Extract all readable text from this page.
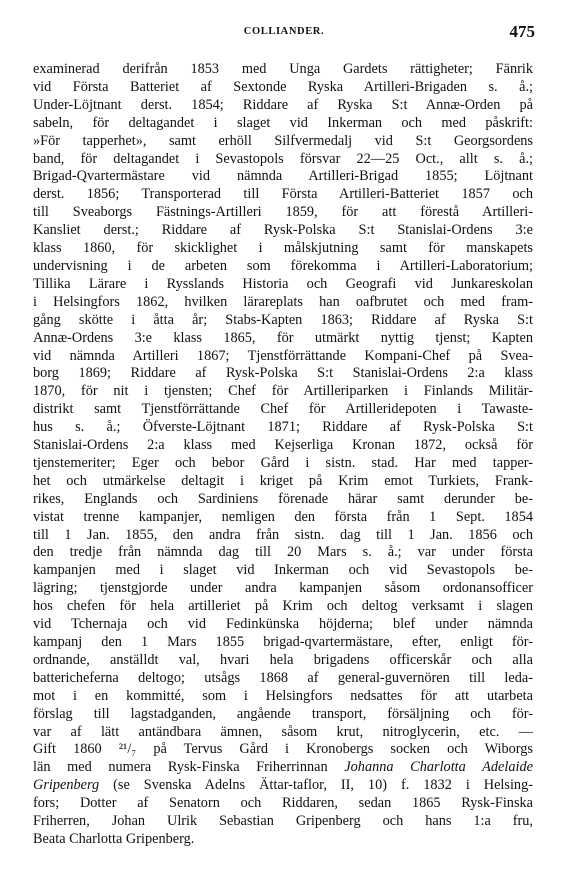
COLLIANDER.	475
examinerad derifrån 1853 med Unga Gardets rättigheter; Fänrik
vid Första Batteriet af Sextonde Ryska Artilleri-Brigaden s. å.;
Under-Löjtnant derst. 1854; Riddare af Ryska S:t Annæ-Orden på
sabeln, för deltagandet i slaget vid Inkerman och med påskrift:
»För tapperhet», samt erhöll Silfvermedalj vid S:t Georgsordens
band, för deltagandet i Sevastopols försvar 22—25 Oct., allt s. å.;
Brigad-Qvartermästare vid nämnda Artilleri-Brigad 1855; Löjtnant
derst. 1856; Transporterad till Första Artilleri-Batteriet 1857 och
till Sveaborgs Fästnings-Artilleri 1859, för att förestå Artilleri-
Kansliet derst.; Riddare af Rysk-Polska S:t Stanislai-Ordens 3:e
klass 1860, för skicklighet i målskjutning samt för manskapets
undervisning i de arbeten som förekomma i Artilleri-Laboratorium;
Tillika Lärare i Rysslands Historia och Geografi vid Junkareskolan
i Helsingfors 1862, hvilken lärareplats han oafbrutet och med fram-
gång skötte i åtta år; Stabs-Kapten 1863; Riddare af Ryska S:t
Annæ-Ordens 3:e klass 1865, för utmärkt nyttig tjenst; Kapten
vid nämnda Artilleri 1867; Tjenstförrättande Kompani-Chef på Svea-
borg 1869; Riddare af Rysk-Polska S:t Stanislai-Ordens 2:a klass
1870, för nit i tjensten; Chef för Artilleriparken i Finlands Militär-
distrikt samt Tjenstförrättande Chef för Artilleridepoten i Tawaste-
hus s. å.; Öfverste-Löjtnant 1871; Riddare af Rysk-Polska S:t
Stanislai-Ordens 2:a klass med Kejserliga Kronan 1872, också för
tjenstemeriter; Eger och bebor Gård i sistn. stad. Har med tapper-
het och utmärkelse deltagit i kriget på Krim emot Turkiets, Frank-
rikes, Englands och Sardiniens förenade härar samt derunder be-
vistat trenne kampanjer, nemligen den första från 1 Sept. 1854
till 1 Jan. 1855, den andra från sistn. dag till 1 Jan. 1856 och
den tredje från nämnda dag till 20 Mars s. å.; var under första
kampanjen med i slaget vid Inkerman och vid Sevastopols be-
lägring; tjenstgjorde under andra kampanjen såsom ordonansofficer
hos chefen för hela artilleriet på Krim och deltog verksamt i slagen
vid Tchernaja och vid Fedinkünska höjderna; blef under nämnda
kampanj den 1 Mars 1855 brigad-qvartermästare, efter, enligt för-
ordnande, anställdt val, hvari hela brigadens officerskår och alla
battericheferna deltogo; utsågs 1868 af general-guvernören till leda-
mot i en kommitté, som i Helsingfors nedsattes för att utarbeta
förslag till lagstadganden, angående transport, försäljning och för-
var af lätt antändbara ämnen, såsom krut, nitroglycerin, etc. —
Gift 1860 ²¹/₇ på Tervus Gård i Kronobergs socken och Wiborgs
län med numera Rysk-Finska Friherrinnan Johanna Charlotta Adelaide
Gripenberg (se Svenska Adelns Ättar-taflor, II, 10) f. 1832 i Helsing-
fors; Dotter af Senatorn och Riddaren, sedan 1865 Rysk-Finska
Friherren, Johan Ulrik Sebastian Gripenberg och hans 1:a fru,
Beata Charlotta Gripenberg.
